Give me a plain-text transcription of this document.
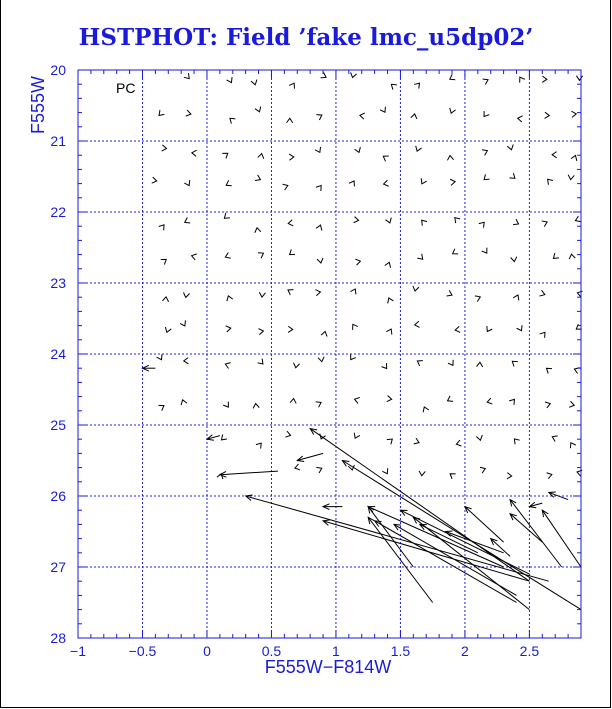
HSTPHOT: Field ’fake lmc_u5dp02’
−1	−0.5	0	0.5	1	1.5	2	2.5
20
21
22
23
24
25
26
27
28
PC
F555W−F814W
F555W
